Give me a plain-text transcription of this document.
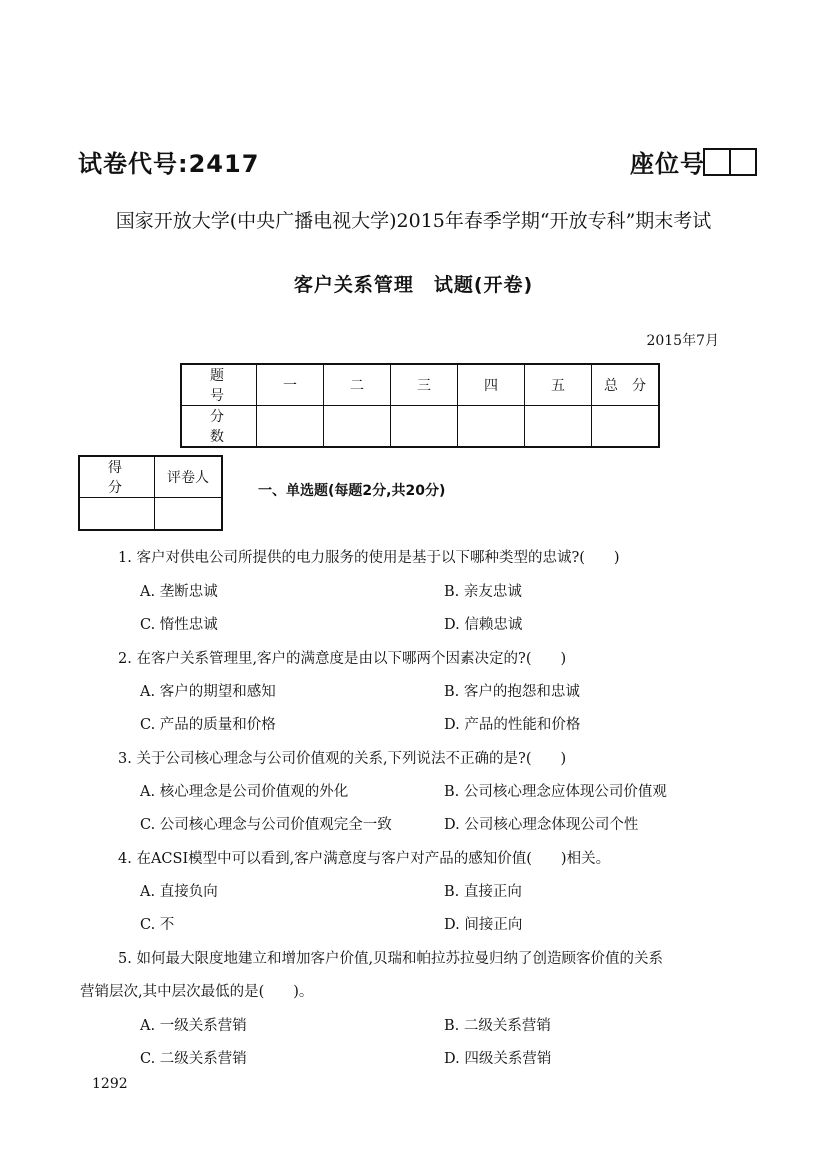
试卷代号:2417	座位号
国家开放大学(中央广播电视大学)2015年春季学期“开放专科”期末考试
客户关系管理　试题(开卷)
2015年7月
题　号	一	二	三	四	五	总　分
分　数						
得　分	评卷人

一、单选题(每题2分,共20分)
1. 客户对供电公司所提供的电力服务的使用是基于以下哪种类型的忠诚?(　　)
A. 垄断忠诚	B. 亲友忠诚
C. 惰性忠诚	D. 信赖忠诚
2. 在客户关系管理里,客户的满意度是由以下哪两个因素决定的?(　　)
A. 客户的期望和感知	B. 客户的抱怨和忠诚
C. 产品的质量和价格	D. 产品的性能和价格
3. 关于公司核心理念与公司价值观的关系,下列说法不正确的是?(　　)
A. 核心理念是公司价值观的外化	B. 公司核心理念应体现公司价值观
C. 公司核心理念与公司价值观完全一致	D. 公司核心理念体现公司个性
4. 在ACSI模型中可以看到,客户满意度与客户对产品的感知价值(　　)相关。
A. 直接负向	B. 直接正向
C. 不	D. 间接正向
5. 如何最大限度地建立和增加客户价值,贝瑞和帕拉苏拉曼归纳了创造顾客价值的关系
营销层次,其中层次最低的是(　　)。
A. 一级关系营销	B. 二级关系营销
C. 二级关系营销	D. 四级关系营销
1292
